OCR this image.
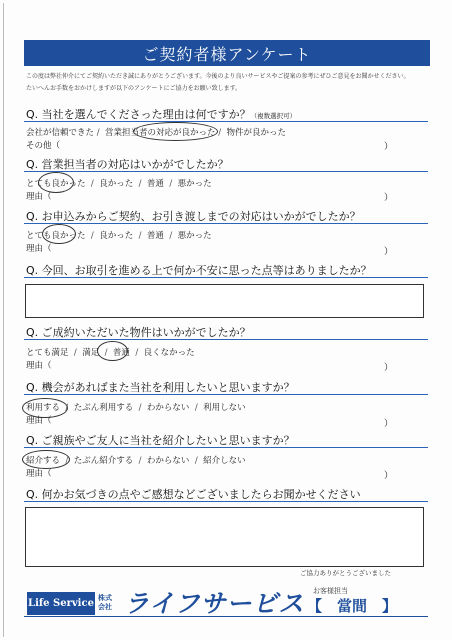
ご契約者様アンケート
この度は弊社仲介にてご契約いただき誠にありがとうございます。今後のより良いサービスやご提案の参考にぜひご意見をお聞かせください。
たいへんお手数をおかけしますが以下のアンケートにご協力をお願い致します。
Q. 当社を選んでくださった理由は何ですか？（複数選択可）
会社が信頼できた / 営業担当者の対応が良かった / 物件が良かった
その他（	）
Q. 営業担当者の対応はいかがでしたか？
とても良かった / 良かった / 普通 / 悪かった
理由（	）
Q. お申込みからご契約、お引き渡しまでの対応はいかがでしたか？
とても良かった / 良かった / 普通 / 悪かった
理由（	）
Q. 今回、お取引を進める上で何か不安に思った点等はありましたか？
Q. ご成約いただいた物件はいかがでしたか？
とても満足 / 満足 / 普通 / 良くなかった
理由（	）
Q. 機会があればまた当社を利用したいと思いますか？
利用する / たぶん利用する / わからない / 利用しない
理由（	）
Q. ご親族やご友人に当社を紹介したいと思いますか？
紹介する / たぶん紹介する / わからない / 紹介しない
理由（	）
Q. 何かお気づきの点やご感想などございましたらお聞かせください
ご協力ありがとうございました
お客様担当
Life Service 株式
会社 ライフサービス 【　當間　】
